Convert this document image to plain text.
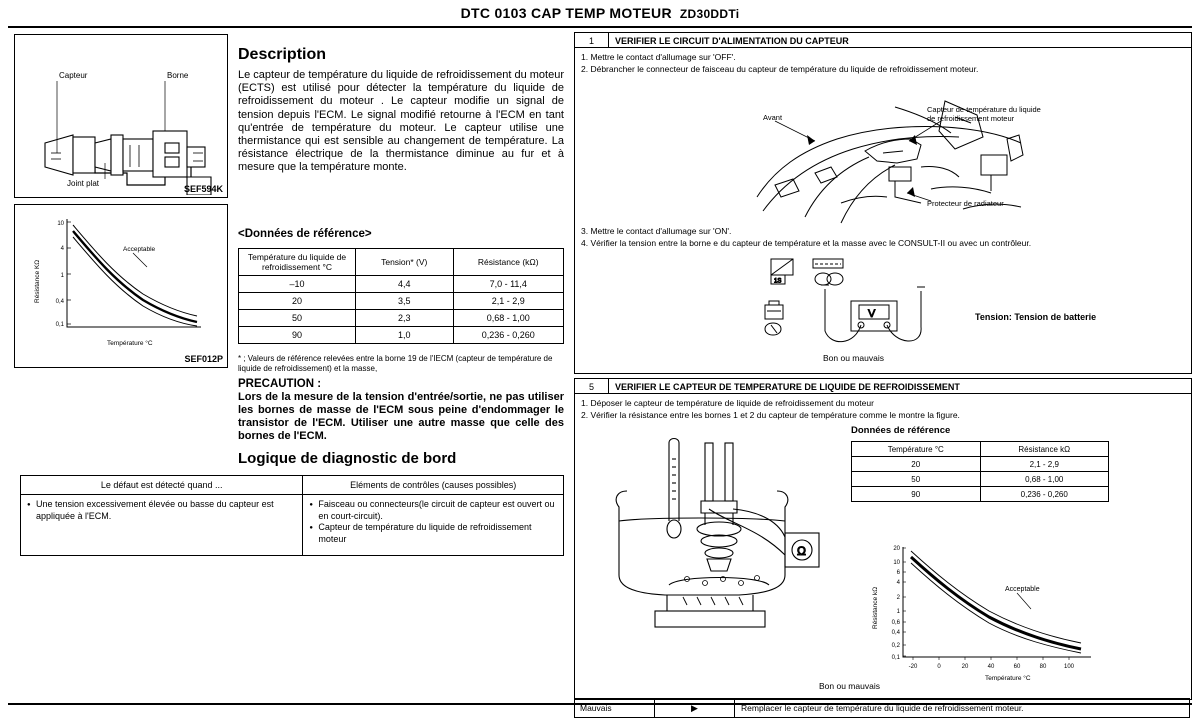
DTC 0103 CAP TEMP MOTEUR ZD30DDTi
Capteur	Borne
Joint plat
SEF594K
10
4
1
0,4
0,1
Acceptable
Résistance KΩ
Température °C
SEF012P
Description

Le capteur de température du liquide de refroidissement du moteur (ECTS) est utilisé pour détecter la température du liquide de refroidissement du moteur . Le capteur modifie un signal de tension depuis l'ECM. Le signal modifié retourne à l'ECM en tant qu'entrée de température du moteur. Le capteur utilise une thermistance qui est sensible au changement de température. La résistance électrique de la thermistance diminue au fur et à mesure que la température monte.

<Données de référence>
Température du liquide de refroidissement °C	Tension* (V)	Résistance (kΩ)
–10	4,4	7,0 - 11,4
20	3,5	2,1 - 2,9
50	2,3	0,68 - 1,00
90	1,0	0,236 - 0,260
* ; Valeurs de référence relevées entre la borne 19 de l'IECM (capteur de température de liquide de refroidissement) et la masse,
PRECAUTION :
Lors de la mesure de la tension d'entrée/sortie, ne pas utiliser les bornes de masse de l'ECM sous peine d'endommager le transistor de l'ECM. Utiliser une autre masse que celle des bornes de l'ECM.
Logique de diagnostic de bord
Le défaut est détecté quand ...	Eléments de contrôles (causes possibles)

● Une tension excessivement élevée ou basse du capteur est appliquée à l'ECM.	● Faisceau ou connecteurs(le circuit de capteur est ouvert ou en court-circuit).
● Capteur de température du liquide de refroidissement moteur
1	VERIFIER LE CIRCUIT D'ALIMENTATION DU CAPTEUR
1. Mettre le contact d'allumage sur 'OFF'.
2. Débrancher le connecteur de faisceau du capteur de température du liquide de refroidissement moteur.
Avant
Capteur de température du liquide de refroidissement moteur
Protecteur de radiateur
3. Mettre le contact d'allumage sur 'ON'.
4. Vérifier la tension entre la borne e du capteur de température et la masse avec le CONSULT-II ou avec un contrôleur.
1S
V	Tension: Tension de batterie
Bon ou mauvais
5	VERIFIER LE CAPTEUR DE TEMPERATURE DE LIQUIDE DE REFROIDISSEMENT
1. Déposer le capteur de température de liquide de refroidissement du moteur
2. Vérifier la résistance entre les bornes 1 et 2 du capteur de température comme le montre la figure.
Ω
Données de référence
Température °C	Résistance kΩ
20	2,1 - 2,9
50	0,68 - 1,00
90	0,236 - 0,260
20
10
6
4
2
1
0,6
0,4
0,2
0,1
-20	0	20	40	60	80	100
Acceptable
Résistance kΩ
Température °C
Bon ou mauvais
Mauvais	▶	Remplacer le capteur de température du liquide de refroidissement moteur.
